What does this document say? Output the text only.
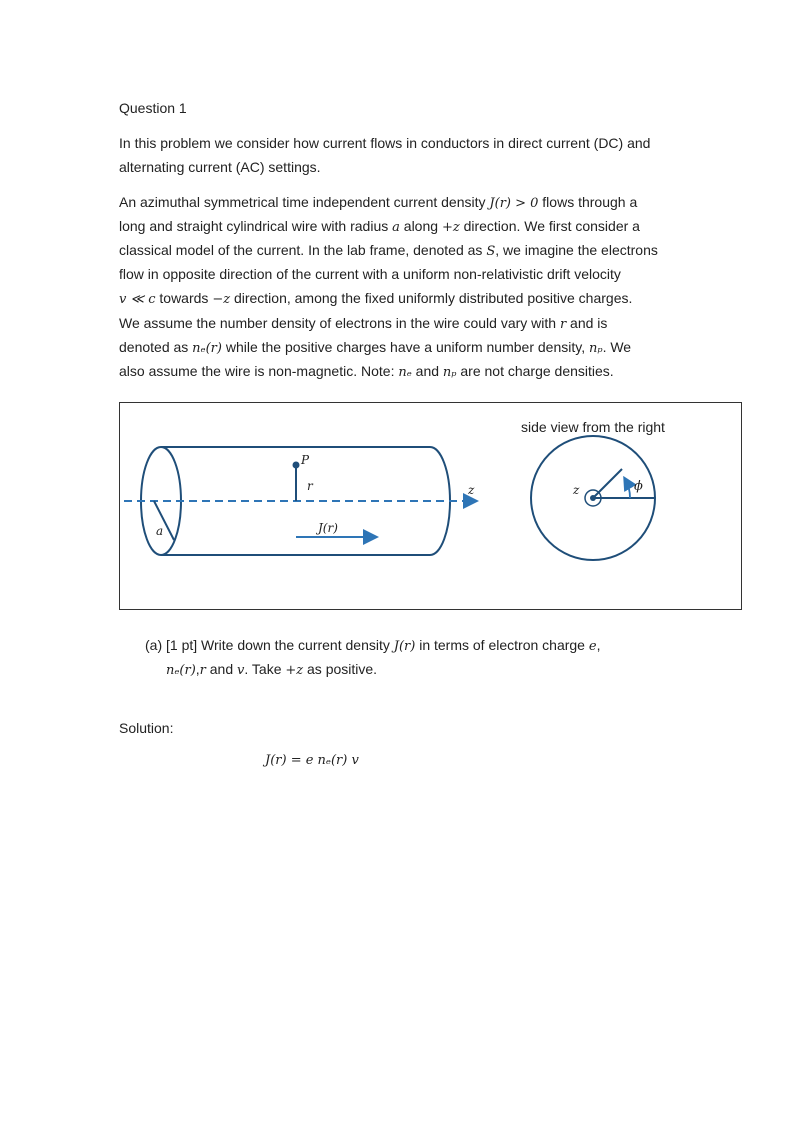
Question 1
In this problem we consider how current flows in conductors in direct current (DC) and
alternating current (AC) settings.
An azimuthal symmetrical time independent current density J(r) > 0 flows through a
long and straight cylindrical wire with radius a along +z direction. We first consider a
classical model of the current. In the lab frame, denoted as S, we imagine the electrons
flow in opposite direction of the current with a uniform non-relativistic drift velocity
v ≪ c towards −z direction, among the fixed uniformly distributed positive charges.
We assume the number density of electrons in the wire could vary with r and is
denoted as nₑ(r) while the positive charges have a uniform number density, nₚ. We
also assume the wire is non-magnetic. Note: nₑ and nₚ are not charge densities.
a
P
r	z
J(r)
side view from the right
z	ϕ
(a) [1 pt] Write down the current density J(r) in terms of electron charge e,
nₑ(r),r and v. Take +z as positive.
Solution:
J(r) = e nₑ(r) v
